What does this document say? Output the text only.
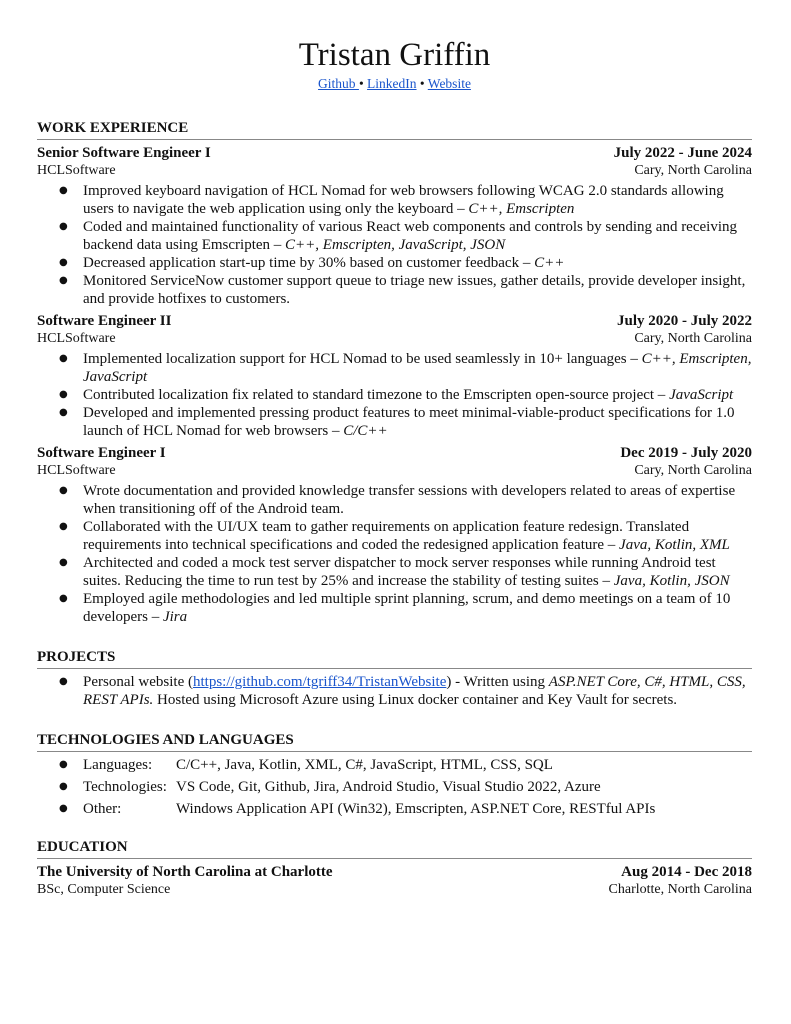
Tristan Griffin
Github • LinkedIn • Website
WORK EXPERIENCE
Senior Software Engineer I	July 2022 - June 2024
HCLSoftware	Cary, North Carolina
● Improved keyboard navigation of HCL Nomad for web browsers following WCAG 2.0 standards allowing users to navigate the web application using only the keyboard – C++, Emscripten
● Coded and maintained functionality of various React web components and controls by sending and receiving backend data using Emscripten – C++, Emscripten, JavaScript, JSON
● Decreased application start-up time by 30% based on customer feedback – C++
● Monitored ServiceNow customer support queue to triage new issues, gather details, provide developer insight, and provide hotfixes to customers.
Software Engineer II	July 2020 - July 2022
HCLSoftware	Cary, North Carolina
● Implemented localization support for HCL Nomad to be used seamlessly in 10+ languages – C++, Emscripten, JavaScript
● Contributed localization fix related to standard timezone to the Emscripten open-source project – JavaScript
● Developed and implemented pressing product features to meet minimal-viable-product specifications for 1.0 launch of HCL Nomad for web browsers – C/C++
Software Engineer I	Dec 2019 - July 2020
HCLSoftware	Cary, North Carolina
● Wrote documentation and provided knowledge transfer sessions with developers related to areas of expertise when transitioning off of the Android team.
● Collaborated with the UI/UX team to gather requirements on application feature redesign. Translated requirements into technical specifications and coded the redesigned application feature – Java, Kotlin, XML
● Architected and coded a mock test server dispatcher to mock server responses while running Android test suites. Reducing the time to run test by 25% and increase the stability of testing suites – Java, Kotlin, JSON
● Employed agile methodologies and led multiple sprint planning, scrum, and demo meetings on a team of 10 developers – Jira
PROJECTS
● Personal website (https://github.com/tgriff34/TristanWebsite) - Written using ASP.NET Core, C#, HTML, CSS, REST APIs. Hosted using Microsoft Azure using Linux docker container and Key Vault for secrets.
TECHNOLOGIES AND LANGUAGES
● Languages: C/C++, Java, Kotlin, XML, C#, JavaScript, HTML, CSS, SQL
● Technologies: VS Code, Git, Github, Jira, Android Studio, Visual Studio 2022, Azure
● Other:	Windows Application API (Win32), Emscripten, ASP.NET Core, RESTful APIs
EDUCATION
The University of North Carolina at Charlotte	Aug 2014 - Dec 2018
BSc, Computer Science	Charlotte, North Carolina
